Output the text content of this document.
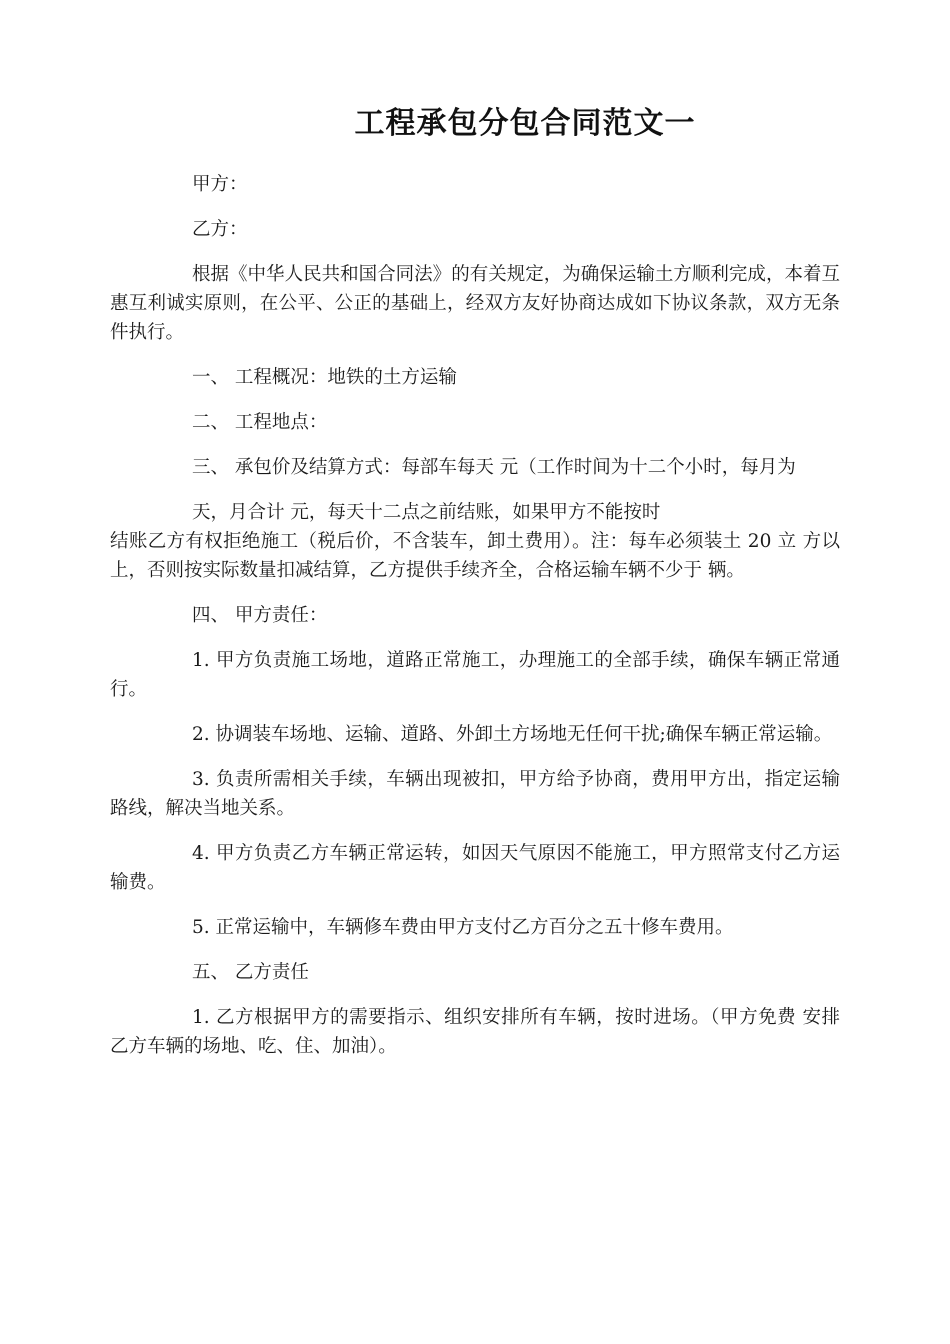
工程承包分包合同范文一

甲方：

乙方：

根据《中华人民共和国合同法》的有关规定，为确保运输土方顺利完成，本着互惠互利诚实原则，在公平、公正的基础上，经双方友好协商达成如下协议条款，双方无条件执行。

一、 工程概况：地铁的土方运输

二、 工程地点：

三、 承包价及结算方式：每部车每天 元（工作时间为十二个小时，每月为

天，月合计 元，每天十二点之前结账，如果甲方不能按时

结账乙方有权拒绝施工（税后价，不含装车，卸土费用）。注：每车必须装土 20 立 方以上，否则按实际数量扣减结算，乙方提供手续齐全，合格运输车辆不少于 辆。

四、 甲方责任：

1. 甲方负责施工场地，道路正常施工，办理施工的全部手续，确保车辆正常通行。

2. 协调装车场地、运输、道路、外卸土方场地无任何干扰;确保车辆正常运输。

3. 负责所需相关手续，车辆出现被扣，甲方给予协商，费用甲方出，指定运输路线，解决当地关系。

4. 甲方负责乙方车辆正常运转，如因天气原因不能施工，甲方照常支付乙方运输费。

5. 正常运输中，车辆修车费由甲方支付乙方百分之五十修车费用。

五、 乙方责任

1. 乙方根据甲方的需要指示、组织安排所有车辆，按时进场。（甲方免费 安排乙方车辆的场地、吃、住、加油）。
